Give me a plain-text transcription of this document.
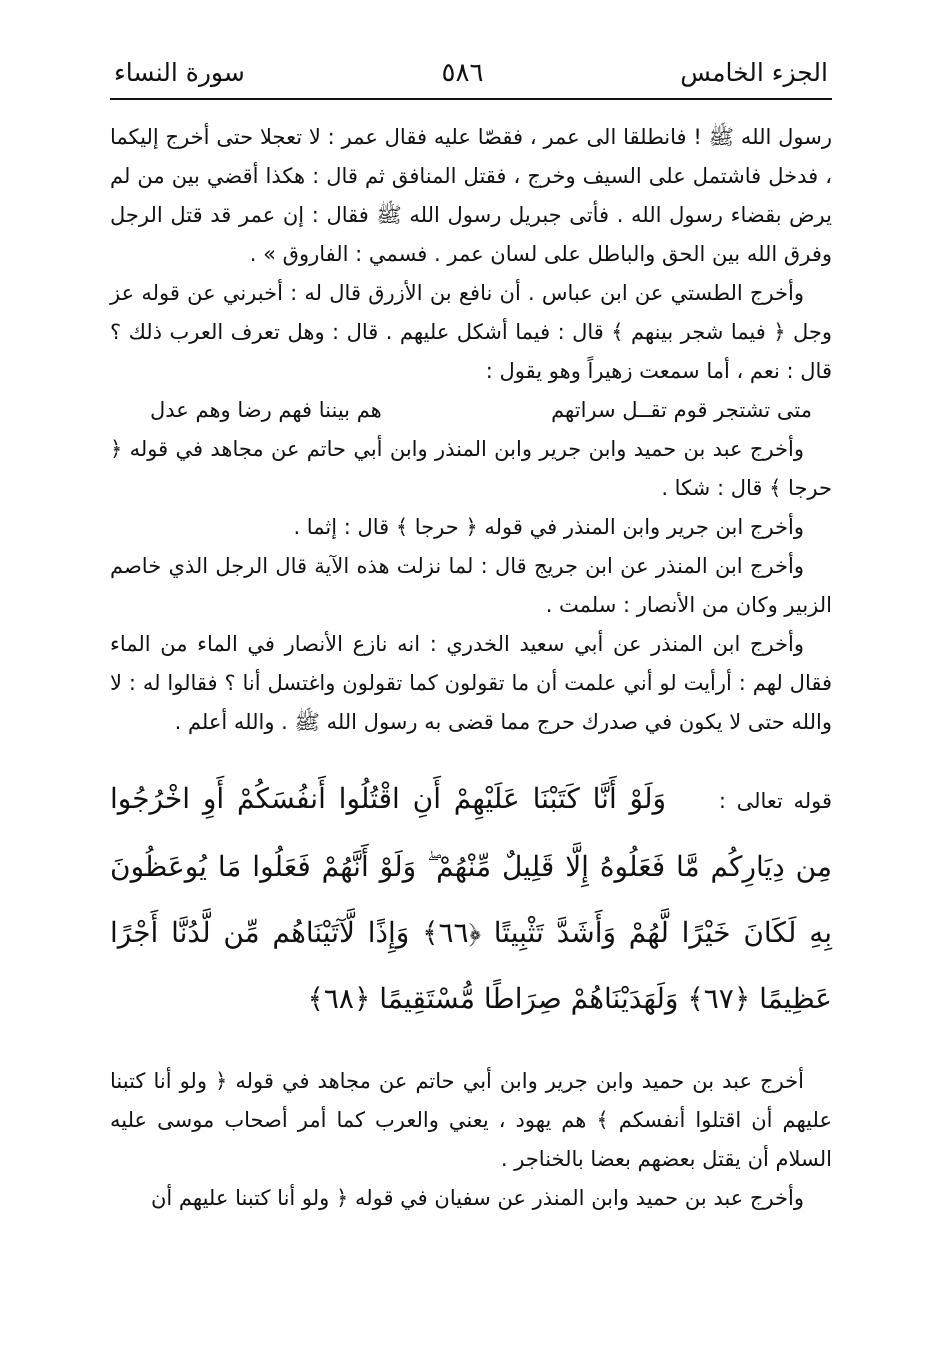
الجزء الخامس
٥٨٦
سورة النساء

رسول الله ﷺ ! فانطلقا الى عمر ، فقصّا عليه فقال عمر : لا تعجلا حتى أخرج إليكما ، فدخل فاشتمل على السيف وخرج ، فقتل المنافق ثم قال : هكذا أقضي بين من لم يرض بقضاء رسول الله . فأتى جبريل رسول الله ﷺ فقال : إن عمر قد قتل الرجل وفرق الله بين الحق والباطل على لسان عمر . فسمي : الفاروق » .

وأخرج الطستي عن ابن عباس . أن نافع بن الأزرق قال له : أخبرني عن قوله عز وجل ﴿ فيما شجر بينهم ﴾ قال : فيما أشكل عليهم . قال : وهل تعرف العرب ذلك ؟ قال : نعم ، أما سمعت زهيراً وهو يقول :

متى تشتجر قوم تقــل سراتهم
هم بيننا فهم رضا وهم عدل

وأخرج عبد بن حميد وابن جرير وابن المنذر وابن أبي حاتم عن مجاهد في قوله ﴿ حرجا ﴾ قال : شكا .

وأخرج ابن جرير وابن المنذر في قوله ﴿ حرجا ﴾ قال : إثما .

وأخرج ابن المنذر عن ابن جريج قال : لما نزلت هذه الآية قال الرجل الذي خاصم الزبير وكان من الأنصار : سلمت .

وأخرج ابن المنذر عن أبي سعيد الخدري : انه نازع الأنصار في الماء من الماء فقال لهم : أرأيت لو أني علمت أن ما تقولون كما تقولون واغتسل أنا ؟ فقالوا له : لا والله حتى لا يكون في صدرك حرج مما قضى به رسول الله ﷺ . والله أعلم .

قوله تعالى : وَلَوْ أَنَّا كَتَبْنَا عَلَيْهِمْ أَنِ اقْتُلُوا أَنفُسَكُمْ أَوِ اخْرُجُوا مِن دِيَارِكُم مَّا فَعَلُوهُ إِلَّا قَلِيلٌ مِّنْهُمْ ۖ وَلَوْ أَنَّهُمْ فَعَلُوا مَا يُوعَظُونَ بِهِ لَكَانَ خَيْرًا لَّهُمْ وَأَشَدَّ تَثْبِيتًا ﴿٦٦﴾ وَإِذًا لَّآتَيْنَاهُم مِّن لَّدُنَّا أَجْرًا عَظِيمًا ﴿٦٧﴾ وَلَهَدَيْنَاهُمْ صِرَاطًا مُّسْتَقِيمًا ﴿٦٨﴾

أخرج عبد بن حميد وابن جرير وابن أبي حاتم عن مجاهد في قوله ﴿ ولو أنا كتبنا عليهم أن اقتلوا أنفسكم ﴾ هم يهود ، يعني والعرب كما أمر أصحاب موسى عليه السلام أن يقتل بعضهم بعضا بالخناجر .

وأخرج عبد بن حميد وابن المنذر عن سفيان في قوله ﴿ ولو أنا كتبنا عليهم أن
